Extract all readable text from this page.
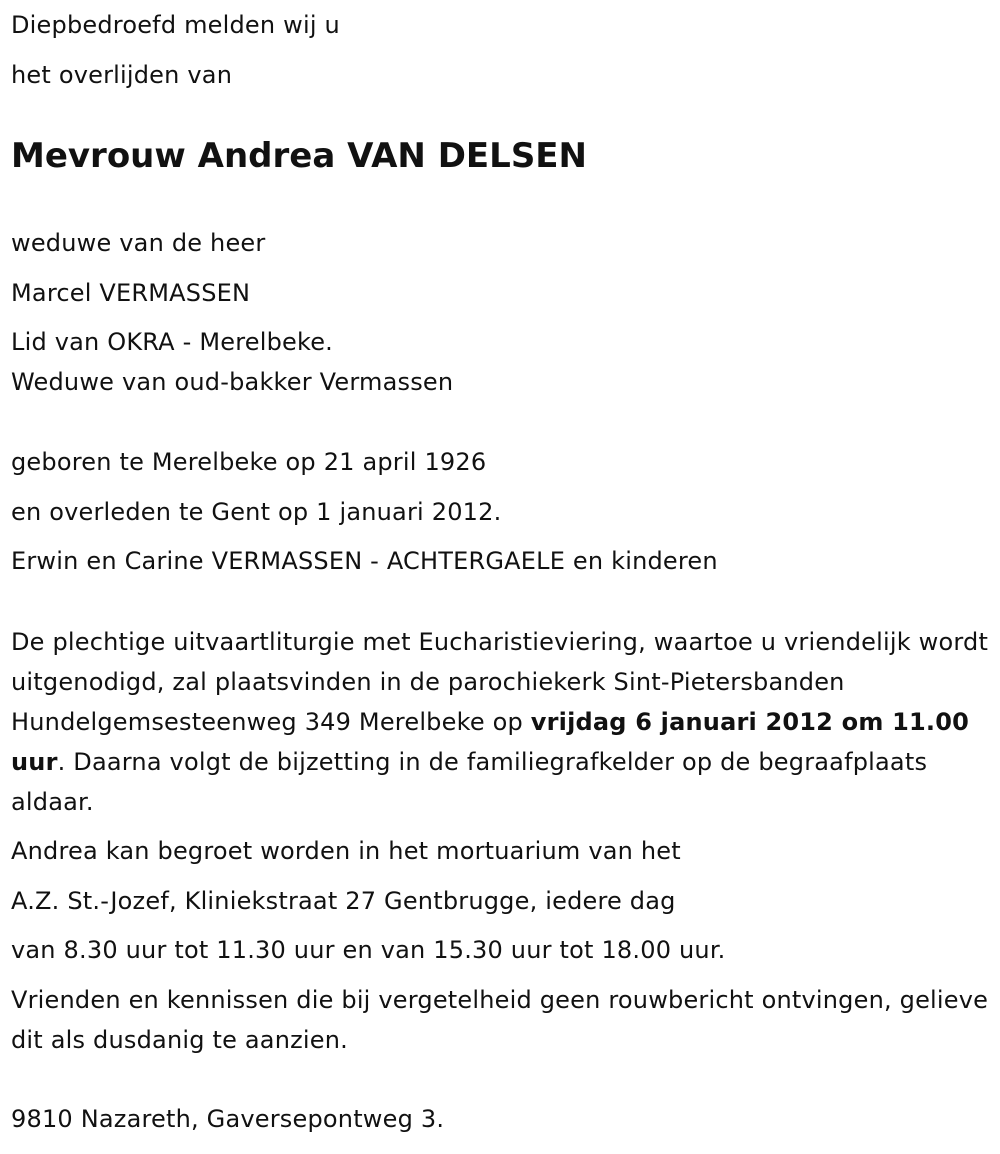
Diepbedroefd melden wij u
het overlijden van
Mevrouw Andrea VAN DELSEN
weduwe van de heer
Marcel VERMASSEN
Lid van OKRA - Merelbeke.
Weduwe van oud-bakker Vermassen
geboren te Merelbeke op 21 april 1926
en overleden te Gent op 1 januari 2012.
Erwin en Carine VERMASSEN - ACHTERGAELE en kinderen
De plechtige uitvaartliturgie met Eucharistieviering, waartoe u vriendelijk wordt uitgenodigd, zal plaatsvinden in de parochiekerk Sint-Pietersbanden Hundelgemsesteenweg 349 Merelbeke op vrijdag 6 januari 2012 om 11.00 uur. Daarna volgt de bijzetting in de familiegrafkelder op de begraafplaats aldaar.
Andrea kan begroet worden in het mortuarium van het
A.Z. St.-Jozef, Kliniekstraat 27 Gentbrugge, iedere dag
van 8.30 uur tot 11.30 uur en van 15.30 uur tot 18.00 uur.
Vrienden en kennissen die bij vergetelheid geen rouwbericht ontvingen, gelieve dit als dusdanig te aanzien.
9810 Nazareth, Gaversepontweg 3.
